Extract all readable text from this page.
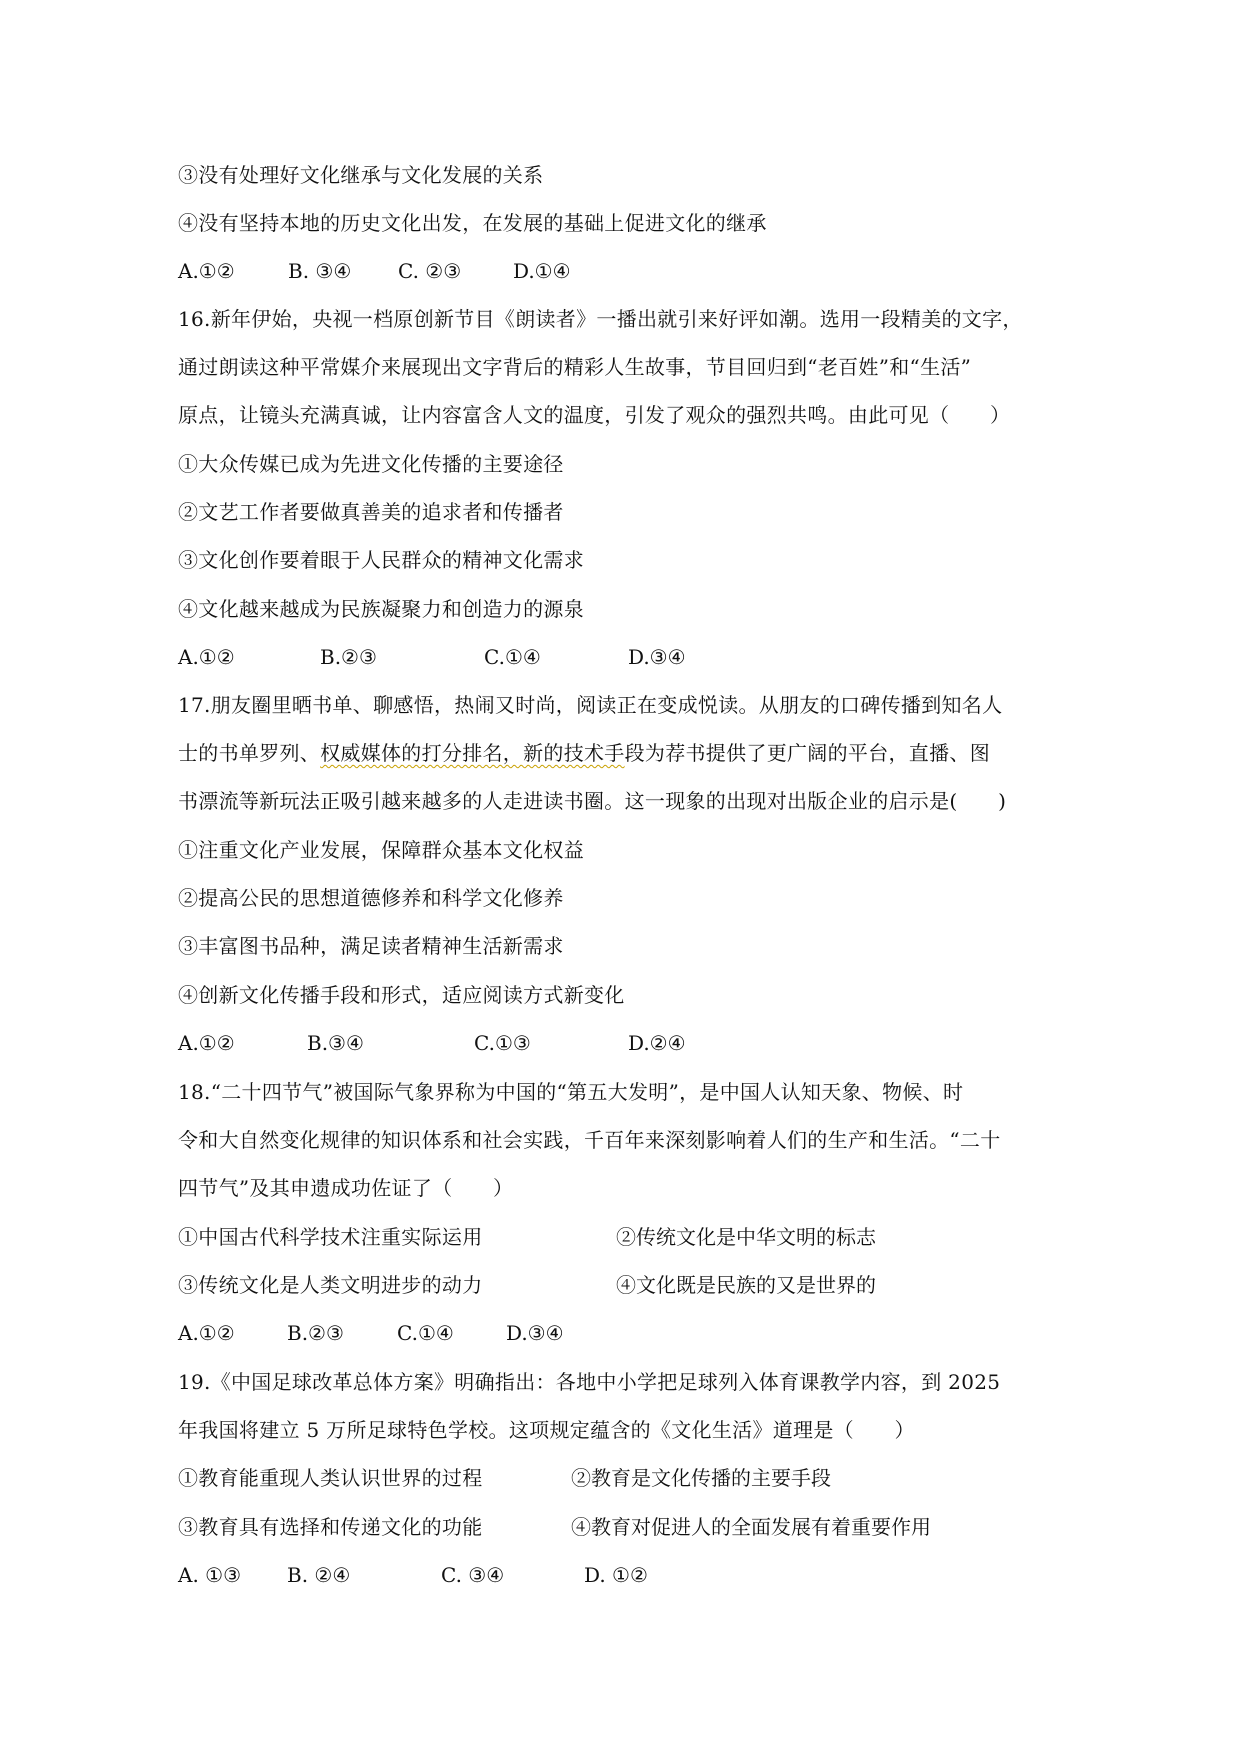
③没有处理好文化继承与文化发展的关系
④没有坚持本地的历史文化出发，在发展的基础上促进文化的继承
A.①②	B. ③④ C. ②③	D.①④
16.新年伊始，央视一档原创新节目《朗读者》一播出就引来好评如潮。选用一段精美的文字，
通过朗读这种平常媒介来展现出文字背后的精彩人生故事，节目回归到“老百姓”和“生活”
原点，让镜头充满真诚，让内容富含人文的温度，引发了观众的强烈共鸣。由此可见（　　）
①大众传媒已成为先进文化传播的主要途径
②文艺工作者要做真善美的追求者和传播者
③文化创作要着眼于人民群众的精神文化需求
④文化越来越成为民族凝聚力和创造力的源泉
A.①②	B.②③	C.①④	D.③④
17.朋友圈里晒书单、聊感悟，热闹又时尚，阅读正在变成悦读。从朋友的口碑传播到知名人
士的书单罗列、权威媒体的打分排名，新的技术手段为荐书提供了更广阔的平台，直播、图
书漂流等新玩法正吸引越来越多的人走进读书圈。这一现象的出现对出版企业的启示是(　　)
①注重文化产业发展，保障群众基本文化权益
②提高公民的思想道德修养和科学文化修养
③丰富图书品种，满足读者精神生活新需求
④创新文化传播手段和形式，适应阅读方式新变化
A.①②	B.③④	C.①③	D.②④
18.“二十四节气”被国际气象界称为中国的“第五大发明”，是中国人认知天象、物候、时
令和大自然变化规律的知识体系和社会实践，千百年来深刻影响着人们的生产和生活。“二十
四节气”及其申遗成功佐证了（　　）
①中国古代科学技术注重实际运用	②传统文化是中华文明的标志
③传统文化是人类文明进步的动力	④文化既是民族的又是世界的
A.①②	B.②③	C.①④	D.③④
19.《中国足球改革总体方案》明确指出：各地中小学把足球列入体育课教学内容，到 2025
年我国将建立 5 万所足球特色学校。这项规定蕴含的《文化生活》道理是（　　）
①教育能重现人类认识世界的过程	②教育是文化传播的主要手段
③教育具有选择和传递文化的功能	④教育对促进人的全面发展有着重要作用
A. ①③ B. ②④	C. ③④	D. ①②
